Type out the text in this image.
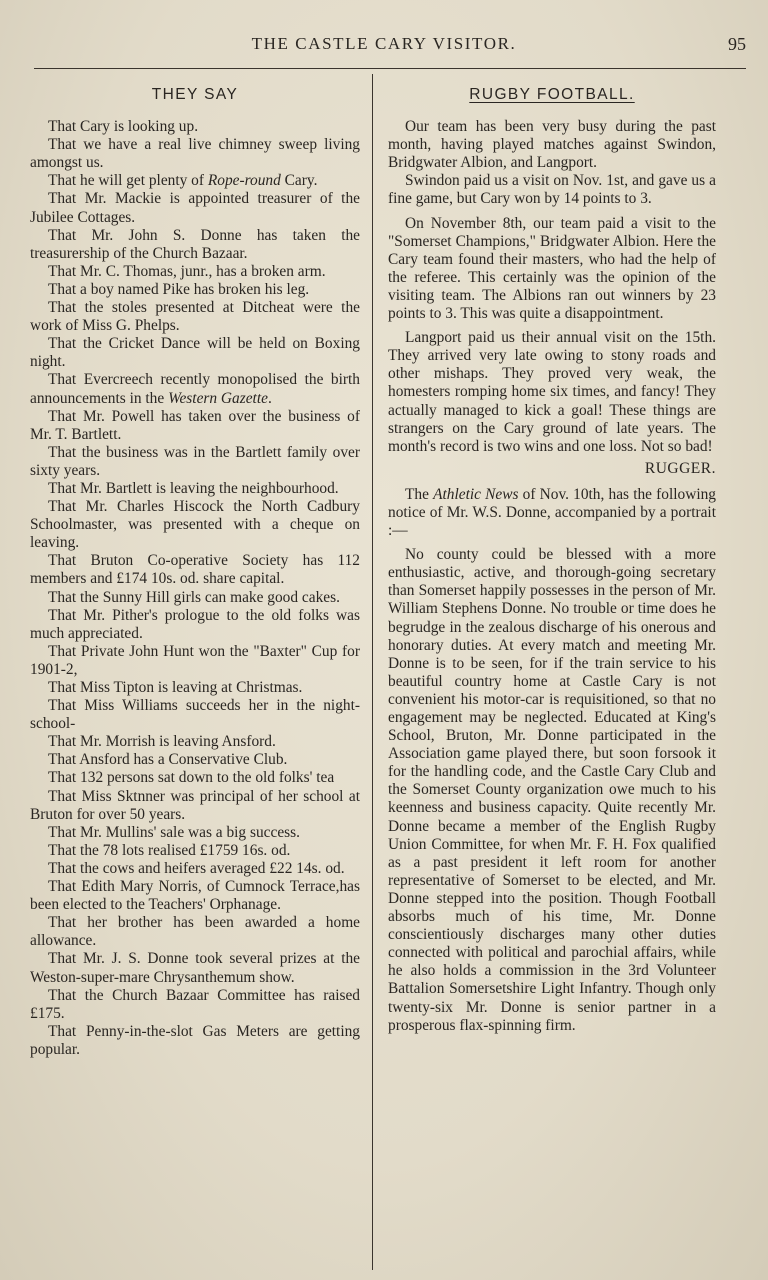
THE CASTLE CARY VISITOR.	95
THEY SAY

That Cary is looking up.

That we have a real live chimney sweep living amongst us.

That he will get plenty of Rope-round Cary.

That Mr. Mackie is appointed treasurer of the Jubilee Cottages.

That Mr. John S. Donne has taken the treasurership of the Church Bazaar.

That Mr. C. Thomas, junr., has a broken arm.

That a boy named Pike has broken his leg.

That the stoles presented at Ditcheat were the work of Miss G. Phelps.

That the Cricket Dance will be held on Boxing night.

That Evercreech recently monopolised the birth announcements in the Western Gazette.

That Mr. Powell has taken over the business of Mr. T. Bartlett.

That the business was in the Bartlett family over sixty years.

That Mr. Bartlett is leaving the neighbourhood.

That Mr. Charles Hiscock the North Cadbury Schoolmaster, was presented with a cheque on leaving.

That Bruton Co-operative Society has 112 members and £174 10s. od. share capital.

That the Sunny Hill girls can make good cakes.

That Mr. Pither's prologue to the old folks was much appreciated.

That Private John Hunt won the "Baxter" Cup for 1901-2,

That Miss Tipton is leaving at Christmas.

That Miss Williams succeeds her in the night-school-

That Mr. Morrish is leaving Ansford.

That Ansford has a Conservative Club.

That 132 persons sat down to the old folks' tea

That Miss Sktnner was principal of her school at Bruton for over 50 years.

That Mr. Mullins' sale was a big success.

That the 78 lots realised £1759 16s. od.

That the cows and heifers averaged £22 14s. od.

That Edith Mary Norris, of Cumnock Terrace,has been elected to the Teachers' Orphanage.

That her brother has been awarded a home allowance.

That Mr. J. S. Donne took several prizes at the Weston-super-mare Chrysanthemum show.

That the Church Bazaar Committee has raised £175.

That Penny-in-the-slot Gas Meters are getting popular.

RUGBY FOOTBALL.

Our team has been very busy during the past month, having played matches against Swindon, Bridgwater Albion, and Langport.

Swindon paid us a visit on Nov. 1st, and gave us a fine game, but Cary won by 14 points to 3.

On November 8th, our team paid a visit to the "Somerset Champions," Bridgwater Albion. Here the Cary team found their masters, who had the help of the referee. This certainly was the opinion of the visiting team. The Albions ran out winners by 23 points to 3. This was quite a disappointment.

Langport paid us their annual visit on the 15th. They arrived very late owing to stony roads and other mishaps. They proved very weak, the homesters romping home six times, and fancy! They actually managed to kick a goal! These things are strangers on the Cary ground of late years. The month's record is two wins and one loss. Not so bad!

RUGGER.

The Athletic News of Nov. 10th, has the following notice of Mr. W.S. Donne, accompanied by a portrait :—

No county could be blessed with a more enthusiastic, active, and thorough-going secretary than Somerset happily possesses in the person of Mr. William Stephens Donne. No trouble or time does he begrudge in the zealous discharge of his onerous and honorary duties. At every match and meeting Mr. Donne is to be seen, for if the train service to his beautiful country home at Castle Cary is not convenient his motor-car is requisitioned, so that no engagement may be neglected. Educated at King's School, Bruton, Mr. Donne participated in the Association game played there, but soon forsook it for the handling code, and the Castle Cary Club and the Somerset County organization owe much to his keenness and business capacity. Quite recently Mr. Donne became a member of the English Rugby Union Committee, for when Mr. F. H. Fox qualified as a past president it left room for another representative of Somerset to be elected, and Mr. Donne stepped into the position. Though Football absorbs much of his time, Mr. Donne conscientiously discharges many other duties connected with political and parochial affairs, while he also holds a commission in the 3rd Volunteer Battalion Somersetshire Light Infantry. Though only twenty-six Mr. Donne is senior partner in a prosperous flax-spinning firm.
